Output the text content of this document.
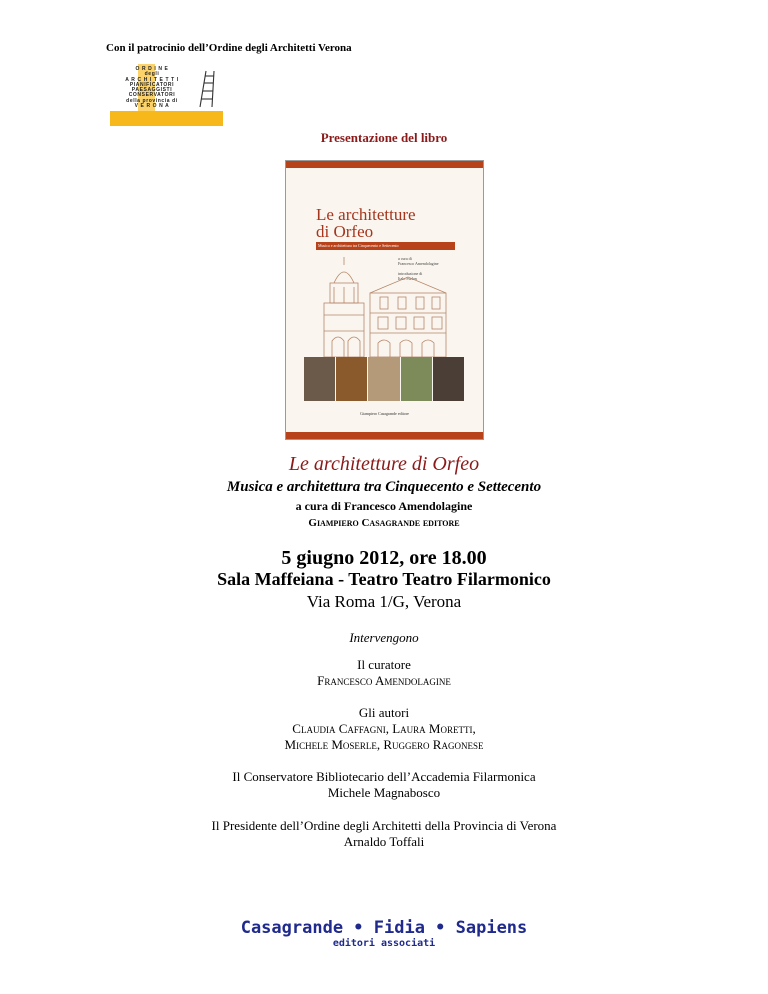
Con il patrocinio dell’Ordine degli Architetti Verona
O R D I N E
degli
A R C H I T E T T I
PIANIFICATORI
PAESAGGISTI
CONSERVATORI
della provincia di
V E R O N A
Presentazione del libro
Le architetture
di Orfeo
Musica e architettura tra Cinquecento e Settecento
a cura di
Francesco Amendolagine
introduzione di
Italo Furlan
Giampiero Casagrande editore
Le architetture di Orfeo
Musica e architettura tra Cinquecento e Settecento
a cura di Francesco Amendolagine
Giampiero Casagrande editore
5 giugno 2012, ore 18.00
Sala Maffeiana - Teatro Teatro Filarmonico
Via Roma 1/G, Verona
Intervengono
Il curatore
Francesco Amendolagine
Gli autori
Claudia Caffagni, Laura Moretti,
Michele Moserle, Ruggero Ragonese
Il Conservatore Bibliotecario dell’Accademia Filarmonica
Michele Magnabosco
Il Presidente dell’Ordine degli Architetti della Provincia di Verona
Arnaldo Toffali
Casagrande • Fidia • Sapiens
editori associati
